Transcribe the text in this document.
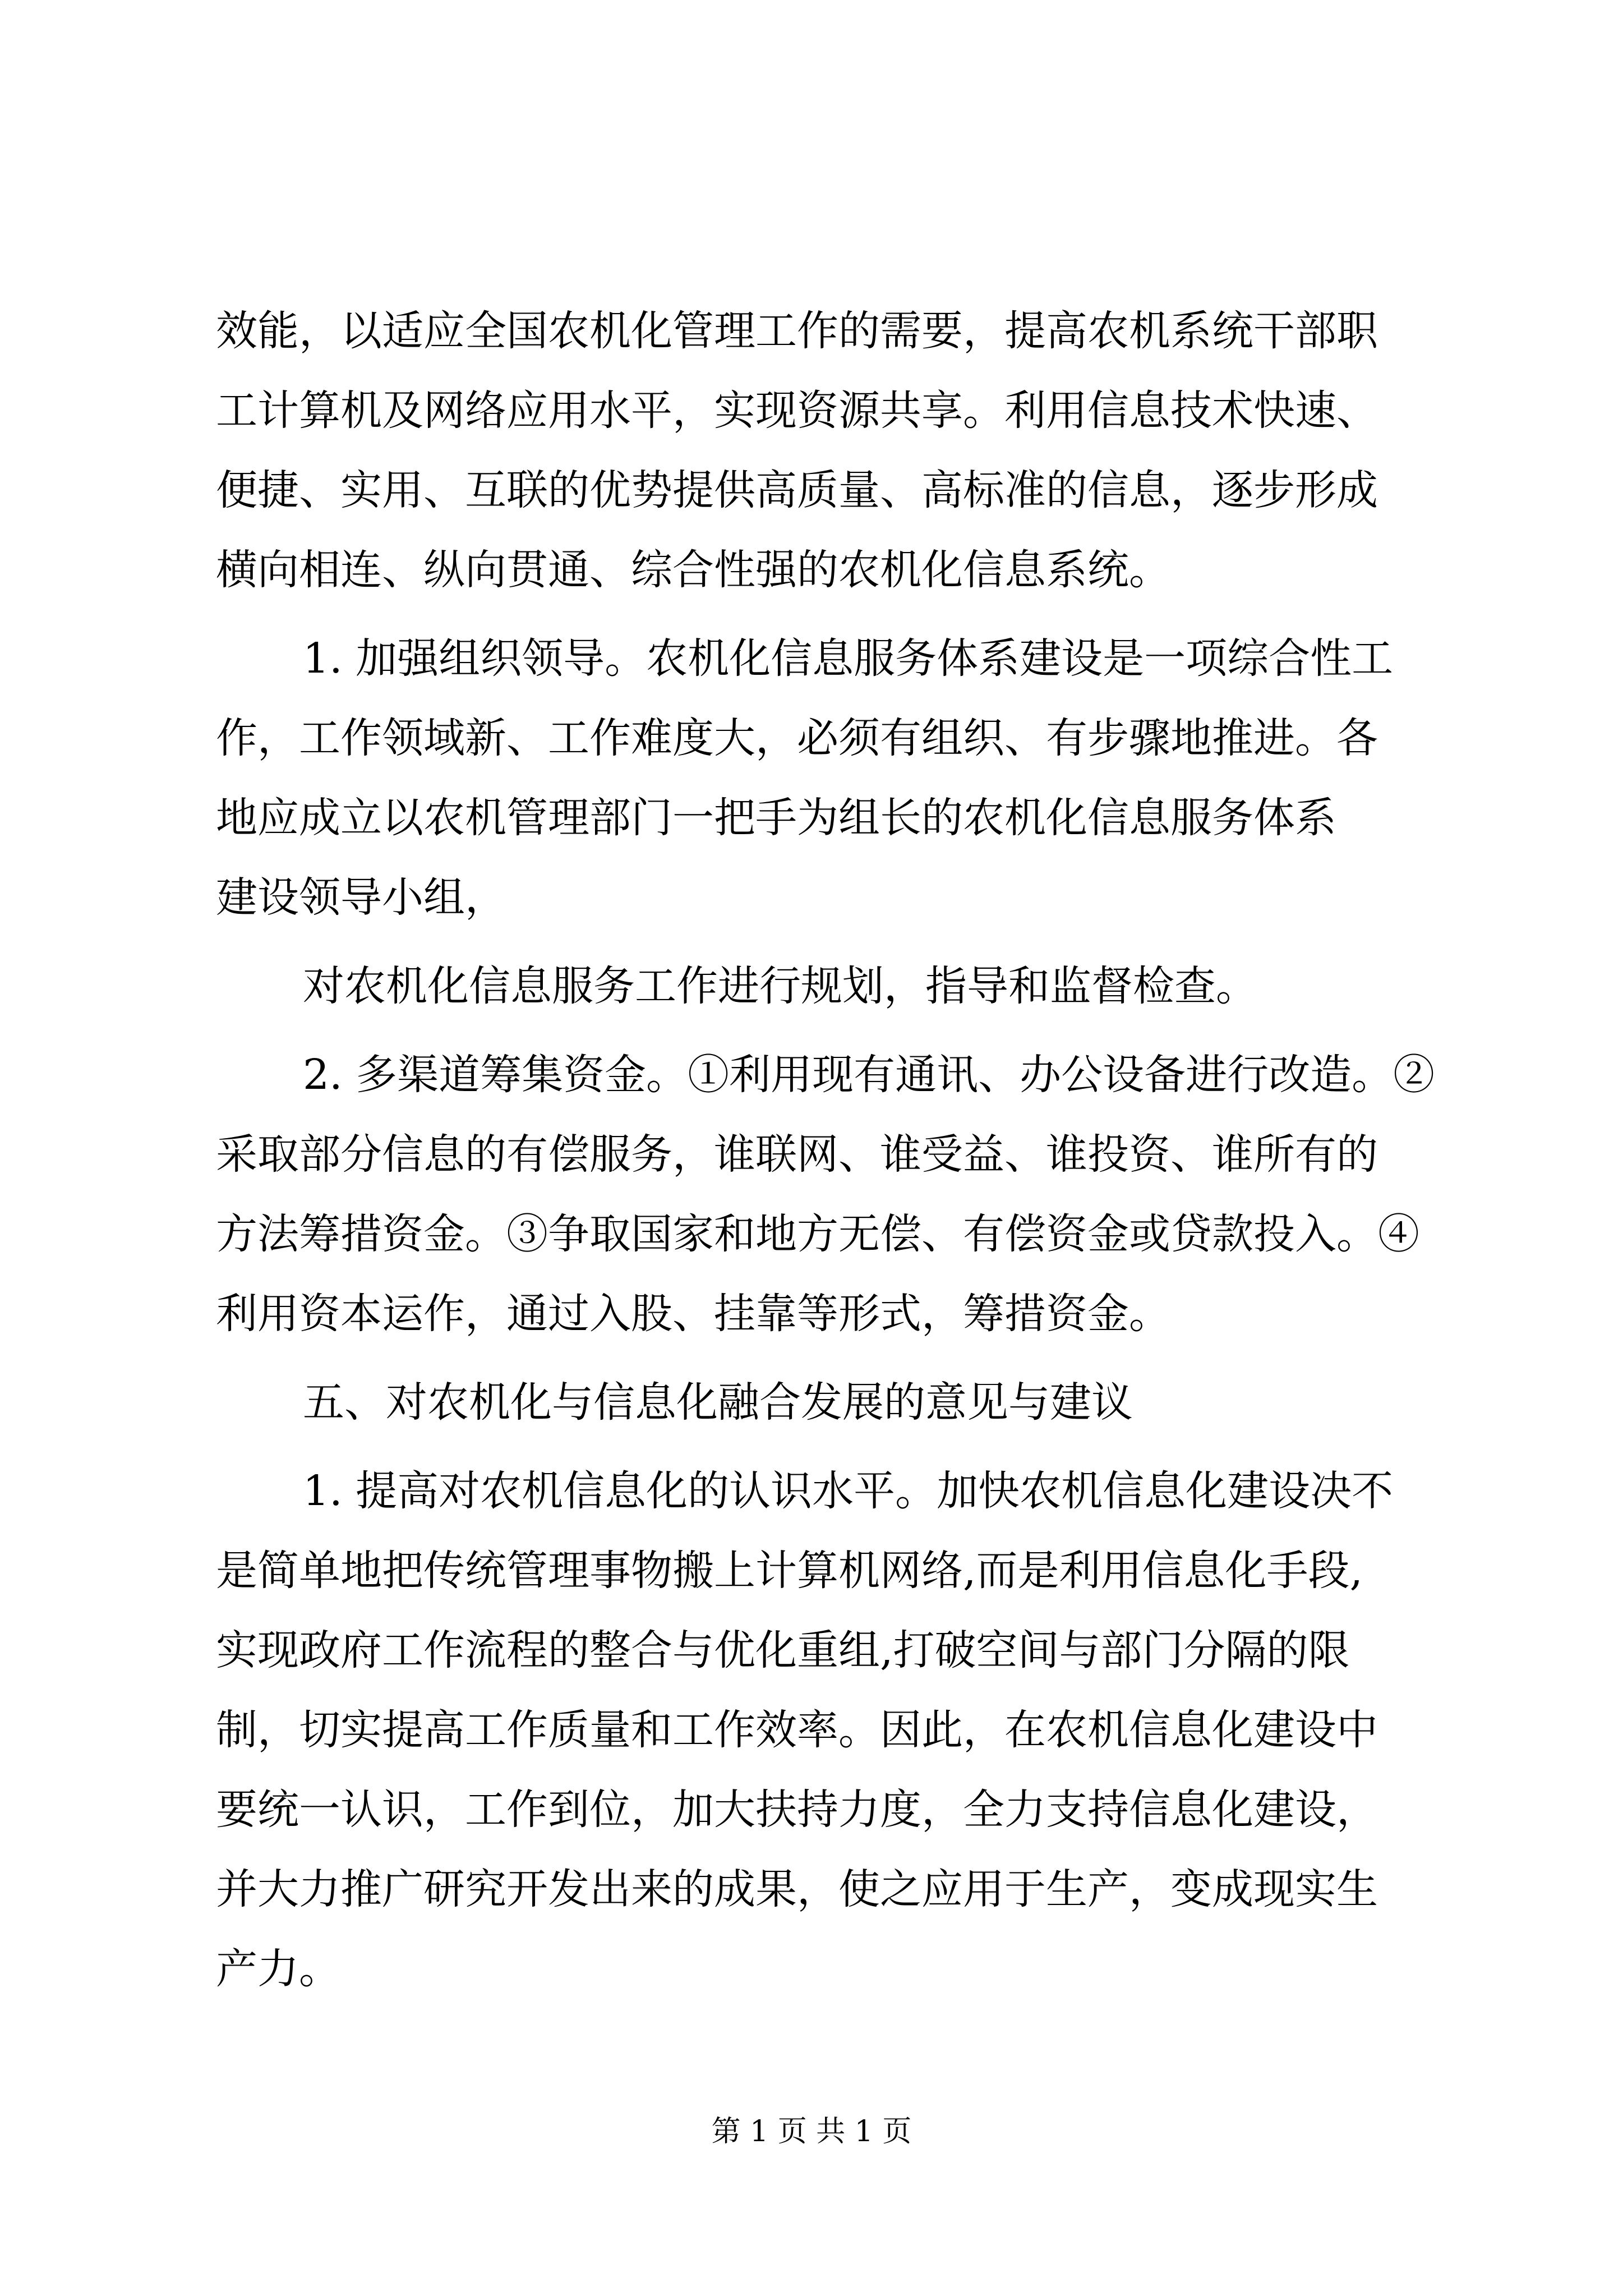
效能，以适应全国农机化管理工作的需要，提高农机系统干部职
工计算机及网络应用水平，实现资源共享。利用信息技术快速、
便捷、实用、互联的优势提供高质量、高标准的信息，逐步形成
横向相连、纵向贯通、综合性强的农机化信息系统。
1. 加强组织领导。农机化信息服务体系建设是一项综合性工
作，工作领域新、工作难度大，必须有组织、有步骤地推进。各
地应成立以农机管理部门一把手为组长的农机化信息服务体系
建设领导小组，
对农机化信息服务工作进行规划，指导和监督检查。
2. 多渠道筹集资金。①利用现有通讯、办公设备进行改造。②
采取部分信息的有偿服务，谁联网、谁受益、谁投资、谁所有的
方法筹措资金。③争取国家和地方无偿、有偿资金或贷款投入。④
利用资本运作，通过入股、挂靠等形式，筹措资金。
五、对农机化与信息化融合发展的意见与建议
1. 提高对农机信息化的认识水平。加快农机信息化建设决不
是简单地把传统管理事物搬上计算机网络,而是利用信息化手段,
实现政府工作流程的整合与优化重组,打破空间与部门分隔的限
制，切实提高工作质量和工作效率。因此，在农机信息化建设中
要统一认识，工作到位，加大扶持力度，全力支持信息化建设，
并大力推广研究开发出来的成果，使之应用于生产，变成现实生
产力。
第 1 页 共 1 页
